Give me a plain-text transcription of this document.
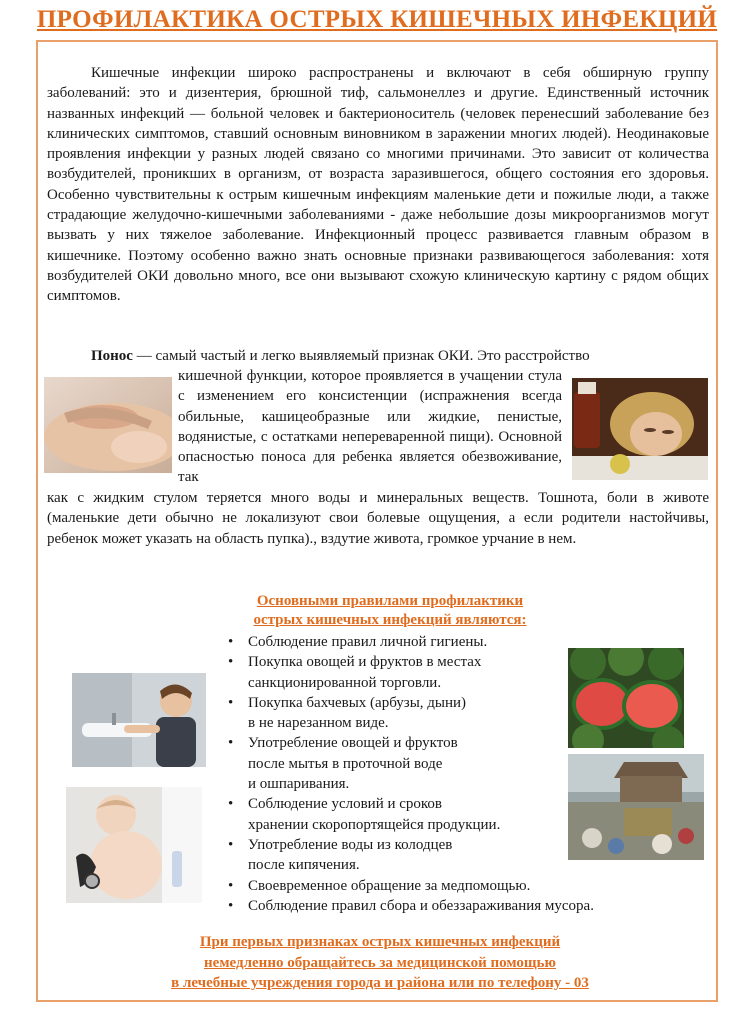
ПРОФИЛАКТИКА ОСТРЫХ КИШЕЧНЫХ ИНФЕКЦИЙ
Кишечные инфекции широко распространены и включают в себя обширную группу заболеваний: это и дизентерия, брюшной тиф, сальмонеллез и другие. Единственный источник названных инфекций — больной человек и бактерионоситель (человек перенесший заболевание без клинических симптомов, ставший основным виновником в заражении многих людей). Неодинаковые проявления инфекции у разных людей связано со многими причинами. Это зависит от количества возбудителей, проникших в организм, от возраста заразившегося, общего состояния его здоровья. Особенно чувствительны к острым кишечным инфекциям маленькие дети и пожилые люди, а также страдающие желудочно-кишечными заболеваниями - даже небольшие дозы микроорганизмов могут вызвать у них тяжелое заболевание. Инфекционный процесс развивается главным образом в кишечнике. Поэтому особенно важно знать основные признаки развивающегося заболевания: хотя возбудителей ОКИ довольно много, все они вызывают схожую клиническую картину с рядом общих симптомов.
Понос — самый частый и легко выявляемый признак ОКИ. Это расстройство
кишечной функции, которое проявляется в учащении стула с изменением его консистенции (испражнения всегда обильные, кашицеобразные или жидкие, пенистые, водянистые, с остатками непереваренной пищи). Основной опасностью поноса для ребенка является обезвоживание, так
как с жидким стулом теряется много воды и минеральных веществ. Тошнота, боли в животе (маленькие дети обычно не локализуют свои болевые ощущения, а если родители настойчивы, ребенок может указать на область пупка)., вздутие живота, громкое урчание в нем.
Основными правилами профилактики
острых кишечных инфекций являются:
• Соблюдение правил личной гигиены.
• Покупка овощей и фруктов в местах
санкционированной торговли.
• Покупка бахчевых (арбузы, дыни)
в не нарезанном виде.
• Употребление овощей и фруктов
после мытья в проточной воде
и ошпаривания.
• Соблюдение условий и сроков
хранении скоропортящейся продукции.
• Употребление воды из колодцев
после кипячения.
• Своевременное обращение за медпомощью.
• Соблюдение правил сбора и обеззараживания мусора.
При первых признаках острых кишечных инфекций
немедленно обращайтесь за медицинской помощью
в лечебные учреждения города и района или по телефону - 03
